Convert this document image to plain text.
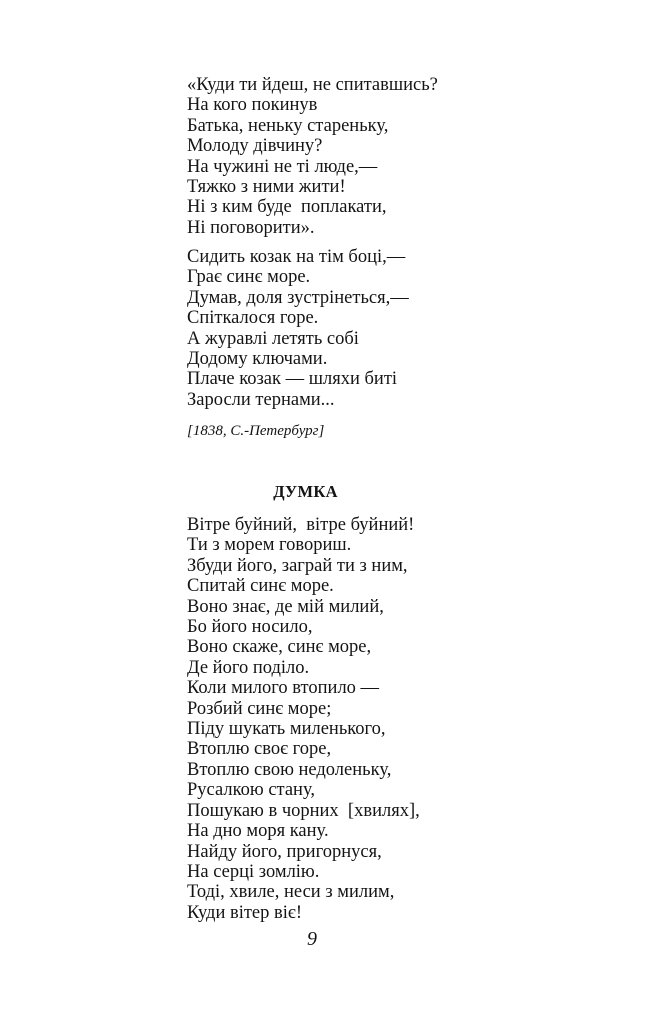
«Куди ти йдеш, не спитавшись?
На кого покинув
Батька, неньку стареньку,
Молоду дівчину?
На чужині не ті люде,—
Тяжко з ними жити!
Ні з ким буде  поплакати,
Ні поговорити».
Сидить козак на тім боці,—
Грає синє море.
Думав, доля зустрінеться,—
Спіткалося горе.
А журавлі летять собі
Додому ключами.
Плаче козак — шляхи биті
Заросли тернами...
[1838, С.-Петербург]
ДУМКА
Вітре буйний,  вітре буйний!
Ти з морем говориш.
Збуди його, заграй ти з ним,
Спитай синє море.
Воно знає, де мій милий,
Бо його носило,
Воно скаже, синє море,
Де його поділо.
Коли милого втопило —
Розбий синє море;
Піду шукать миленького,
Втоплю своє горе,
Втоплю свою недоленьку,
Русалкою стану,
Пошукаю в чорних  [хвилях],
На дно моря кану.
Найду його, пригорнуся,
На серці зомлію.
Тоді, хвиле, неси з милим,
Куди вітер віє!
9
